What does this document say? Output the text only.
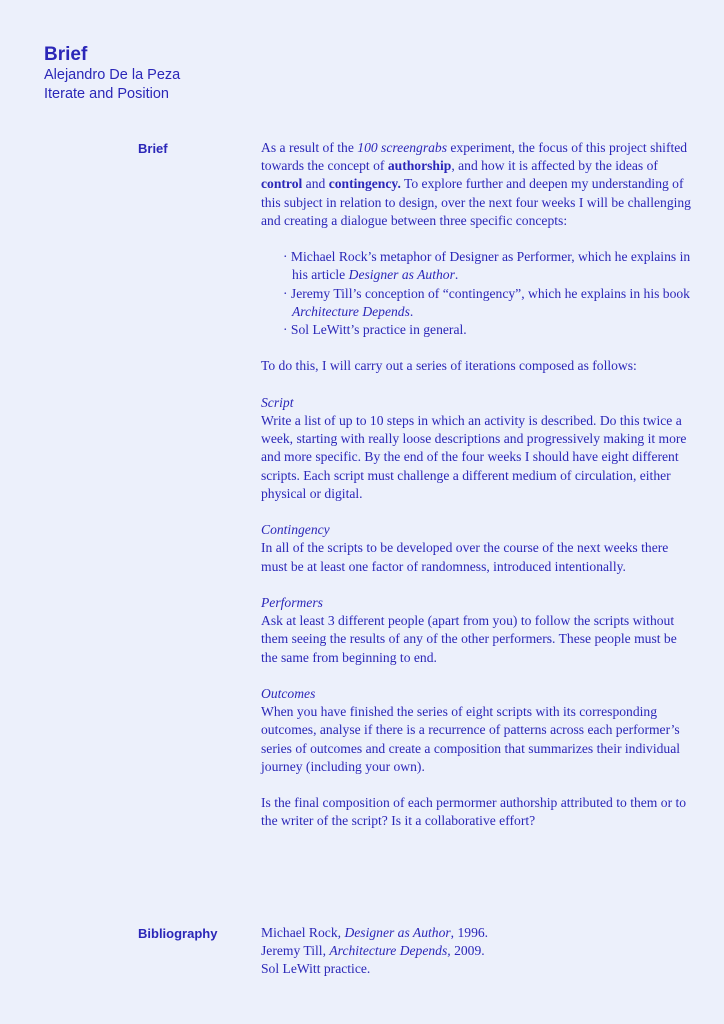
Brief
Alejandro De la Peza
Iterate and Position
Brief	As a result of the 100 screengrabs experiment, the focus of this project shifted towards the concept of authorship, and how it is affected by the ideas of control and contingency. To explore further and deepen my understanding of this subject in relation to design, over the next four weeks I will be challenging and creating a dialogue between three specific concepts:

· Michael Rock’s metaphor of Designer as Performer, which he explains in his article Designer as Author.
· Jeremy Till’s conception of “contingency”, which he explains in his book Architecture Depends.
· Sol LeWitt’s practice in general.

To do this, I will carry out a series of iterations composed as follows:

Script

Write a list of up to 10 steps in which an activity is described. Do this twice a week, starting with really loose descriptions and progressively making it more and more specific. By the end of the four weeks I should have eight different scripts. Each script must challenge a different medium of circulation, either physical or digital.

Contingency

In all of the scripts to be developed over the course of the next weeks there must be at least one factor of randomness, introduced intentionally.

Performers

Ask at least 3 different people (apart from you) to follow the scripts without them seeing the results of any of the other performers. These people must be the same from beginning to end.

Outcomes

When you have finished the series of eight scripts with its corresponding outcomes, analyse if there is a recurrence of patterns across each performer’s series of outcomes and create a composition that summarizes their individual journey (including your own).

Is the final composition of each permormer authorship attributed to them or to the writer of the script? Is it a collaborative effort?

Bibliography	Michael Rock, Designer as Author, 1996.

Jeremy Till, Architecture Depends, 2009.

Sol LeWitt practice.
